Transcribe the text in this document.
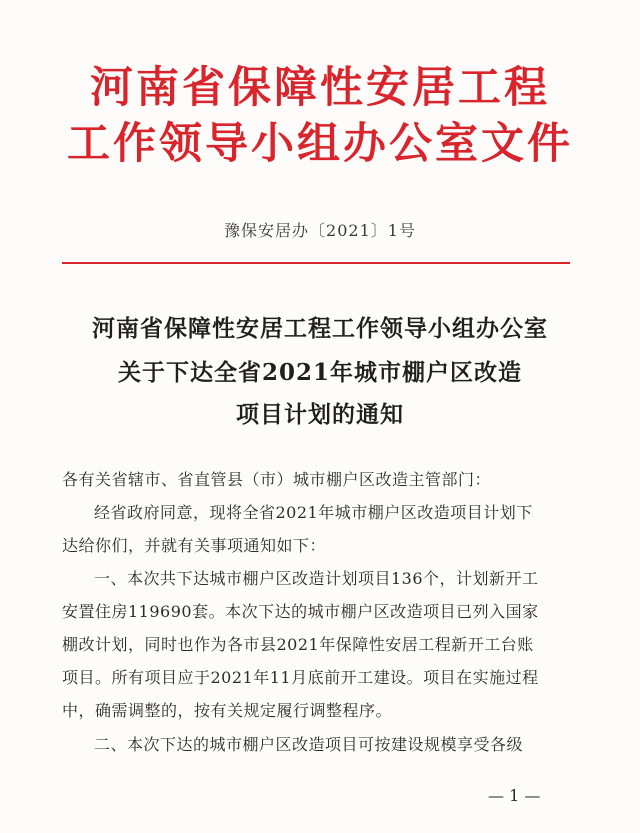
河南省保障性安居工程
工作领导小组办公室文件
豫保安居办〔2021〕1号
河南省保障性安居工程工作领导小组办公室
关于下达全省2021年城市棚户区改造
项目计划的通知
各有关省辖市、省直管县（市）城市棚户区改造主管部门：
经省政府同意，现将全省2021年城市棚户区改造项目计划下
达给你们，并就有关事项通知如下：
一、本次共下达城市棚户区改造计划项目136个，计划新开工
安置住房119690套。本次下达的城市棚户区改造项目已列入国家
棚改计划，同时也作为各市县2021年保障性安居工程新开工台账
项目。所有项目应于2021年11月底前开工建设。项目在实施过程
中，确需调整的，按有关规定履行调整程序。
二、本次下达的城市棚户区改造项目可按建设规模享受各级
— 1 —
